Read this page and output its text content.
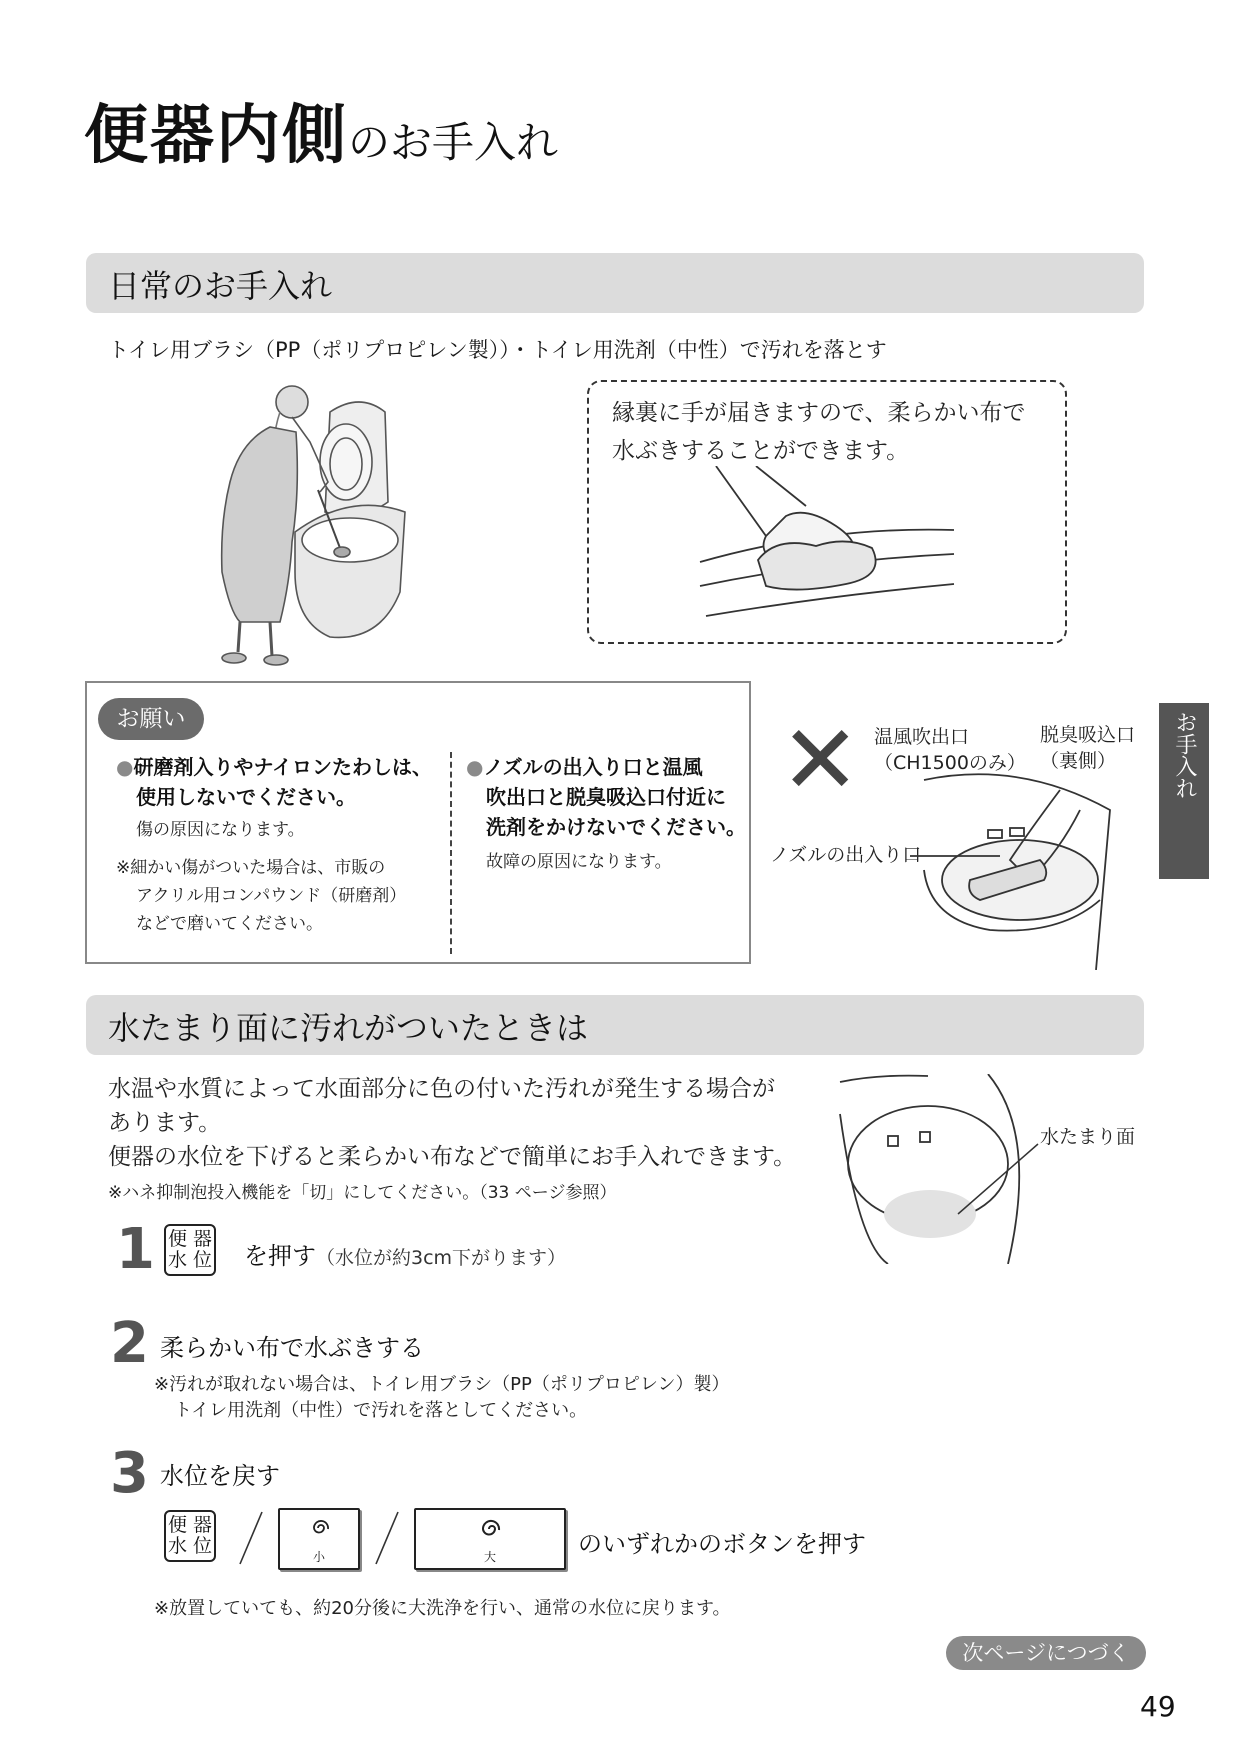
便器内側のお手入れ
日常のお手入れ
トイレ用ブラシ（PP（ポリプロピレン製））・トイレ用洗剤（中性）で汚れを落とす
縁裏に手が届きますので、柔らかい布で
水ぶきすることができます。
お願い
●研磨剤入りやナイロンたわしは、
使用しないでください。
傷の原因になります。
※細かい傷がついた場合は、市販の
アクリル用コンパウンド（研磨剤）
などで磨いてください。
●ノズルの出入り口と温風
吹出口と脱臭吸込口付近に
洗剤をかけないでください。
故障の原因になります。
✕ 温風吹出口
（CH1500のみ）
脱臭吸込口
（裏側）
ノズルの出入り口
お手入れ
水たまり面に汚れがついたときは
水温や水質によって水面部分に色の付いた汚れが発生する場合が
あります。
便器の水位を下げると柔らかい布などで簡単にお手入れできます。
※ハネ抑制泡投入機能を「切」にしてください。（33 ページ参照）
水たまり面
1 便 器
水 位 を押す（水位が約3cm下がります）
2 柔らかい布で水ぶきする
※汚れが取れない場合は、トイレ用ブラシ（PP（ポリプロピレン）製）
トイレ用洗剤（中性）で汚れを落としてください。
3 水位を戻す
便 器
水 位	小	大	のいずれかのボタンを押す
※放置していても、約20分後に大洗浄を行い、通常の水位に戻ります。
次ページにつづく
49
